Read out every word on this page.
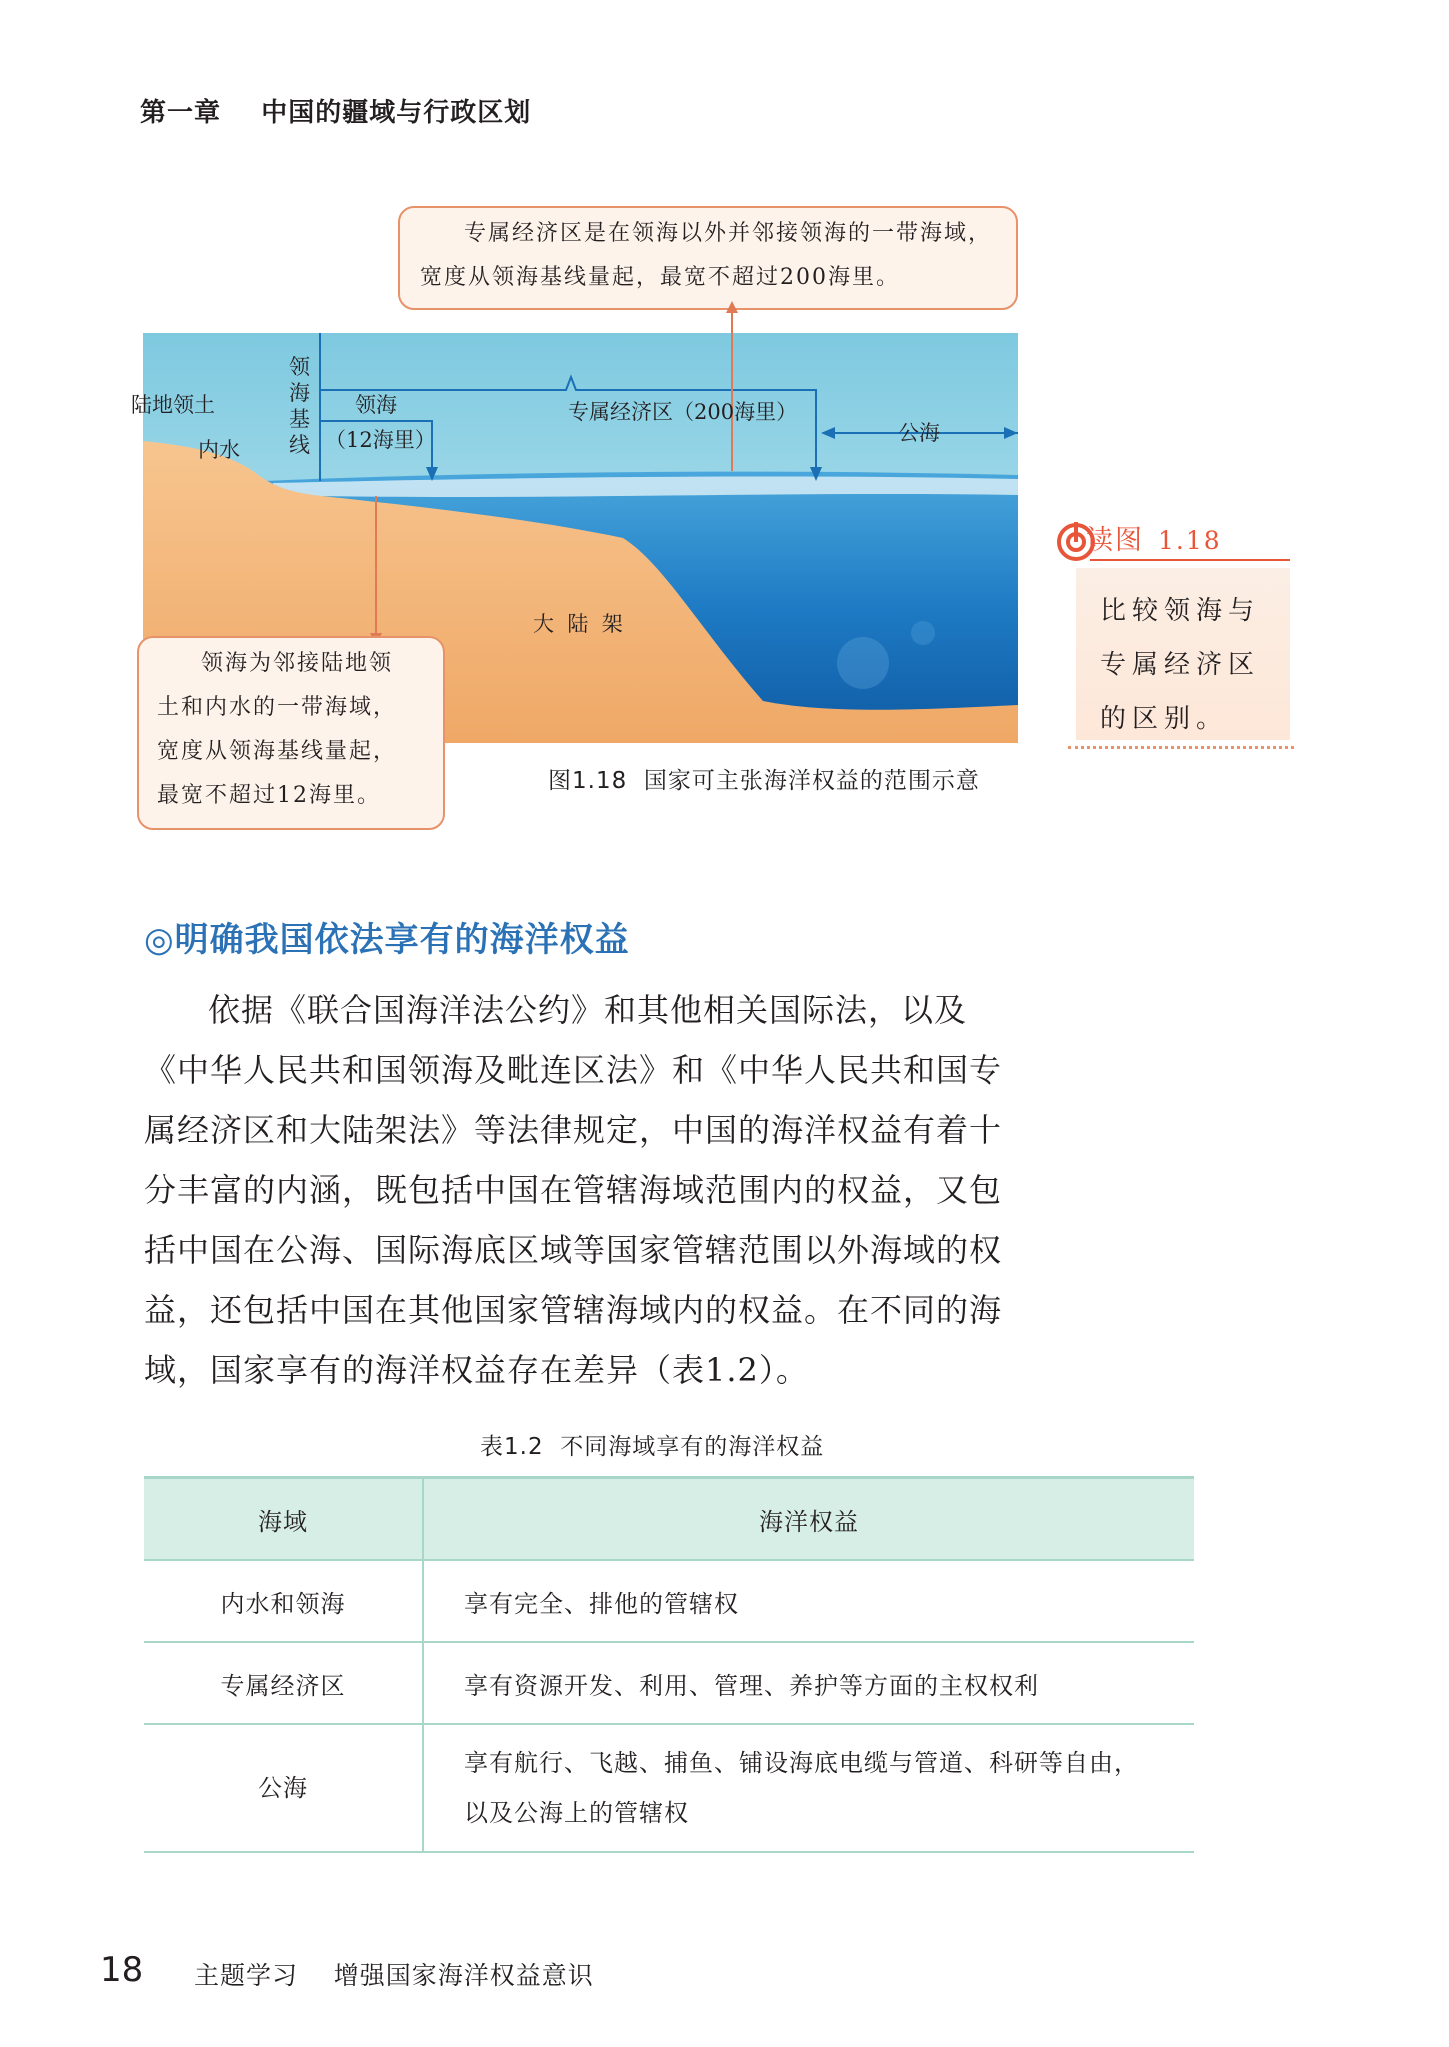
第一章    中国的疆域与行政区划
专属经济区是在领海以外并邻接领海的一带海域，宽度从领海基线量起，最宽不超过200海里。
陆地领土
内水
领
海
基
线
领海
（12海里）
专属经济区（200海里）
公海
大  陆  架
领海为邻接陆地领
土和内水的一带海域，
宽度从领海基线量起，
最宽不超过12海里。
图1.18  国家可主张海洋权益的范围示意
读图 1.18
比较领海与
专属经济区
的区别。
◎明确我国依法享有的海洋权益

依据《联合国海洋法公约》和其他相关国际法，以及《中华人民共和国领海及毗连区法》和《中华人民共和国专属经济区和大陆架法》等法律规定，中国的海洋权益有着十分丰富的内涵，既包括中国在管辖海域范围内的权益，又包括中国在公海、国际海底区域等国家管辖范围以外海域的权益，还包括中国在其他国家管辖海域内的权益。在不同的海域，国家享有的海洋权益存在差异（表1.2）。

表1.2  不同海域享有的海洋权益
海域	海洋权益
内水和领海	享有完全、排他的管辖权
专属经济区	享有资源开发、利用、管理、养护等方面的主权权利
公海	享有航行、飞越、捕鱼、铺设海底电缆与管道、科研等自由，
以及公海上的管辖权
18 主题学习    增强国家海洋权益意识
